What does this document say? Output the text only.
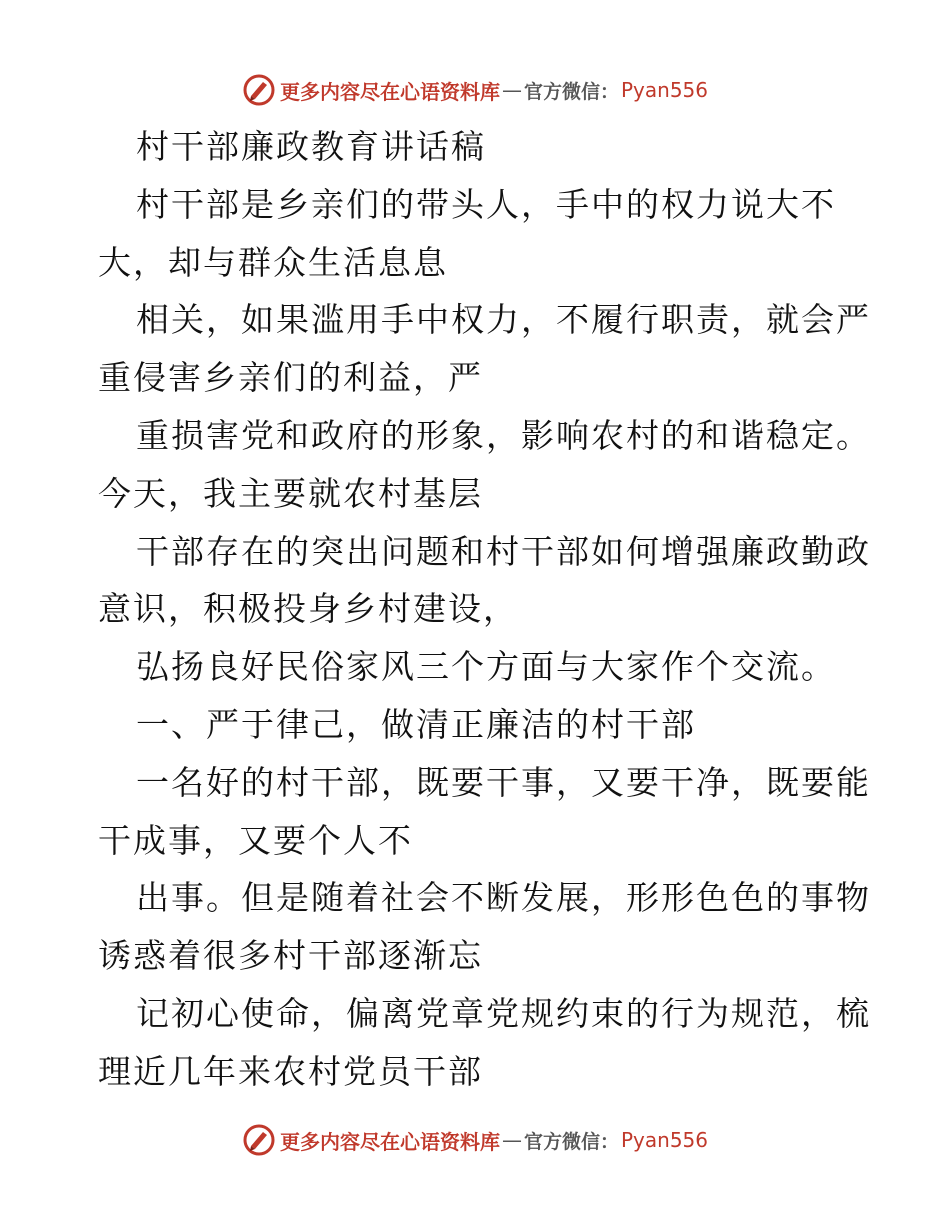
更多内容尽在心语资料库 — 官方微信： Pyan556
村干部廉政教育讲话稿
村干部是乡亲们的带头人，手中的权力说大不
大，却与群众生活息息
相关，如果滥用手中权力，不履行职责，就会严
重侵害乡亲们的利益，严
重损害党和政府的形象，影响农村的和谐稳定。
今天，我主要就农村基层
干部存在的突出问题和村干部如何增强廉政勤政
意识，积极投身乡村建设，
弘扬良好民俗家风三个方面与大家作个交流。
一、严于律己，做清正廉洁的村干部
一名好的村干部，既要干事，又要干净，既要能
干成事，又要个人不
出事。但是随着社会不断发展，形形色色的事物
诱惑着很多村干部逐渐忘
记初心使命，偏离党章党规约束的行为规范，梳
理近几年来农村党员干部
更多内容尽在心语资料库 — 官方微信： Pyan556
